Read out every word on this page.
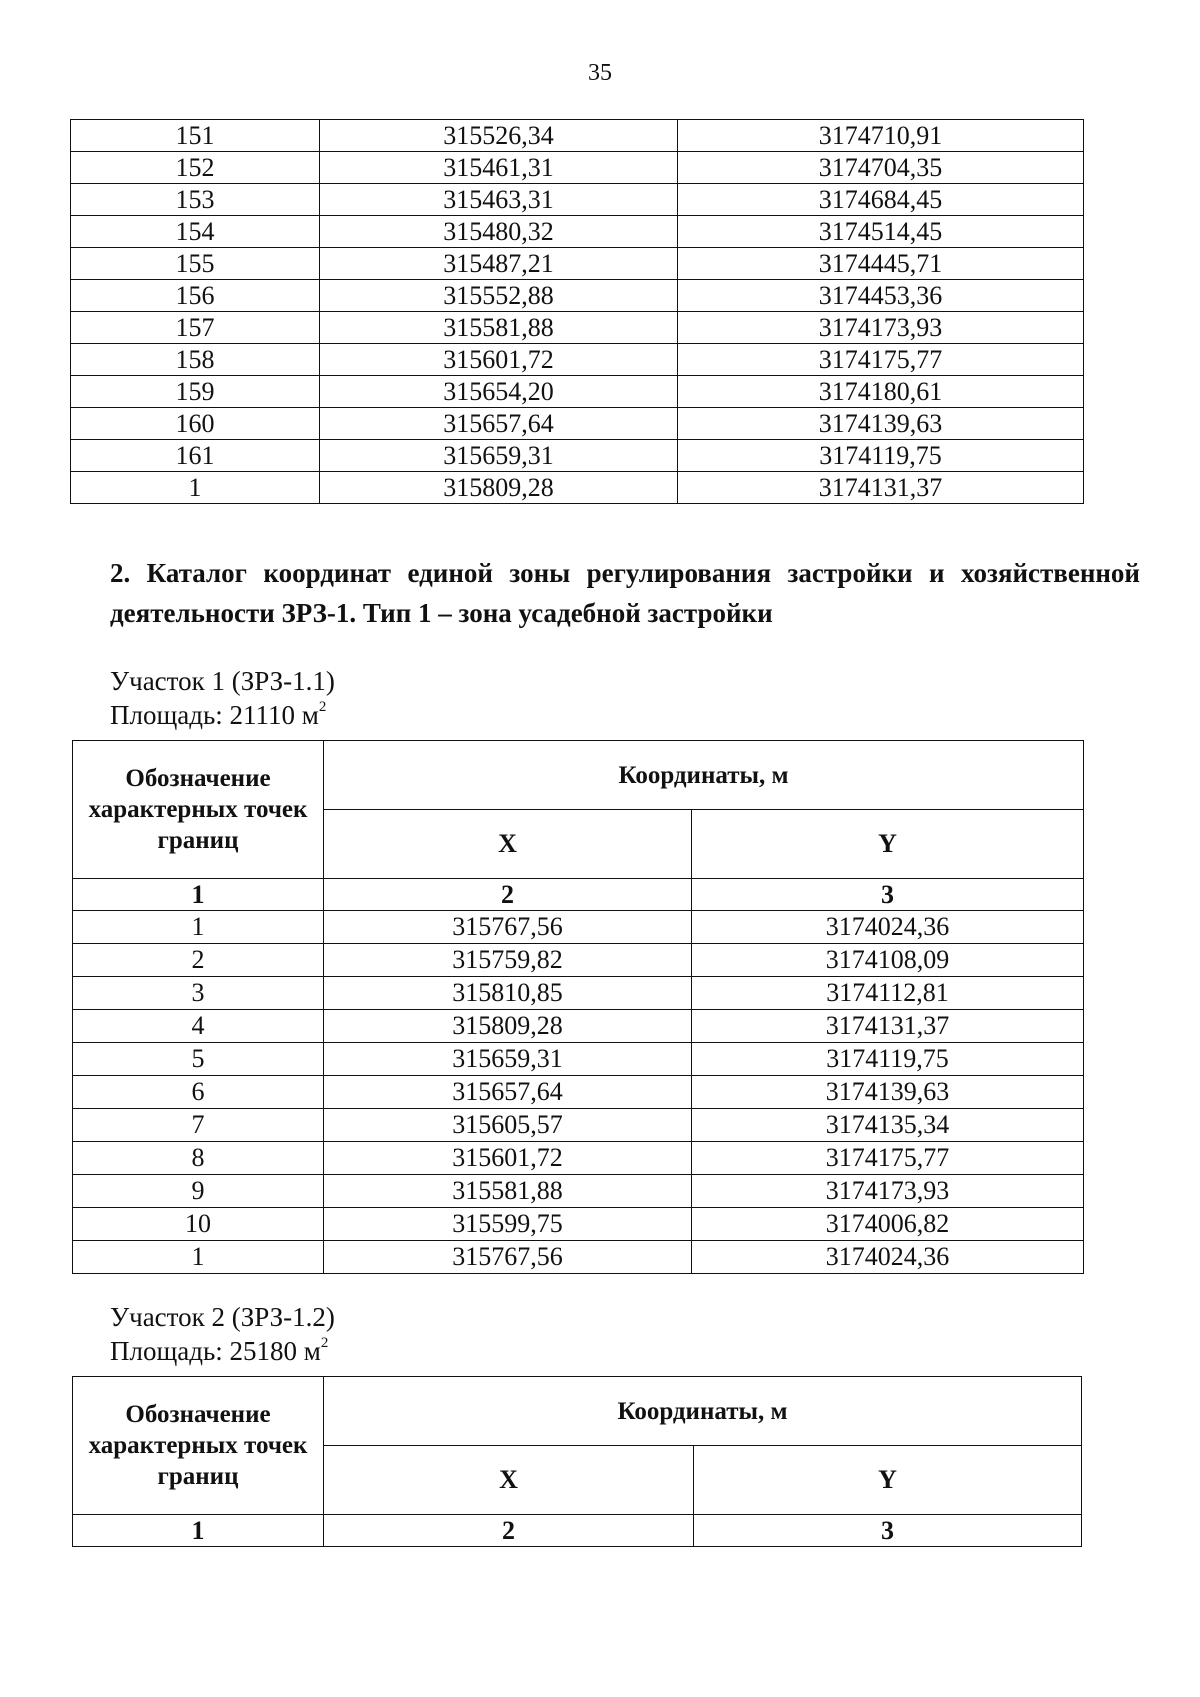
35
151	315526,34	3174710,91
152	315461,31	3174704,35
153	315463,31	3174684,45
154	315480,32	3174514,45
155	315487,21	3174445,71
156	315552,88	3174453,36
157	315581,88	3174173,93
158	315601,72	3174175,77
159	315654,20	3174180,61
160	315657,64	3174139,63
161	315659,31	3174119,75
1	315809,28	3174131,37
2. Каталог координат единой зоны регулирования застройки и хозяйственной деятельности ЗРЗ-1. Тип 1 – зона усадебной застройки
Участок 1 (ЗРЗ-1.1)
Площадь: 21110 $м^2$
Обозначение характерных точек границ	Координаты, м	
	X	Y
1	2	3
1	315767,56	3174024,36
2	315759,82	3174108,09
3	315810,85	3174112,81
4	315809,28	3174131,37
5	315659,31	3174119,75
6	315657,64	3174139,63
7	315605,57	3174135,34
8	315601,72	3174175,77
9	315581,88	3174173,93
10	315599,75	3174006,82
1	315767,56	3174024,36
Участок 2 (ЗРЗ-1.2)
Площадь: 25180 $м^2$
Обозначение характерных точек границ	Координаты, м	
	X	Y
1	2	3
